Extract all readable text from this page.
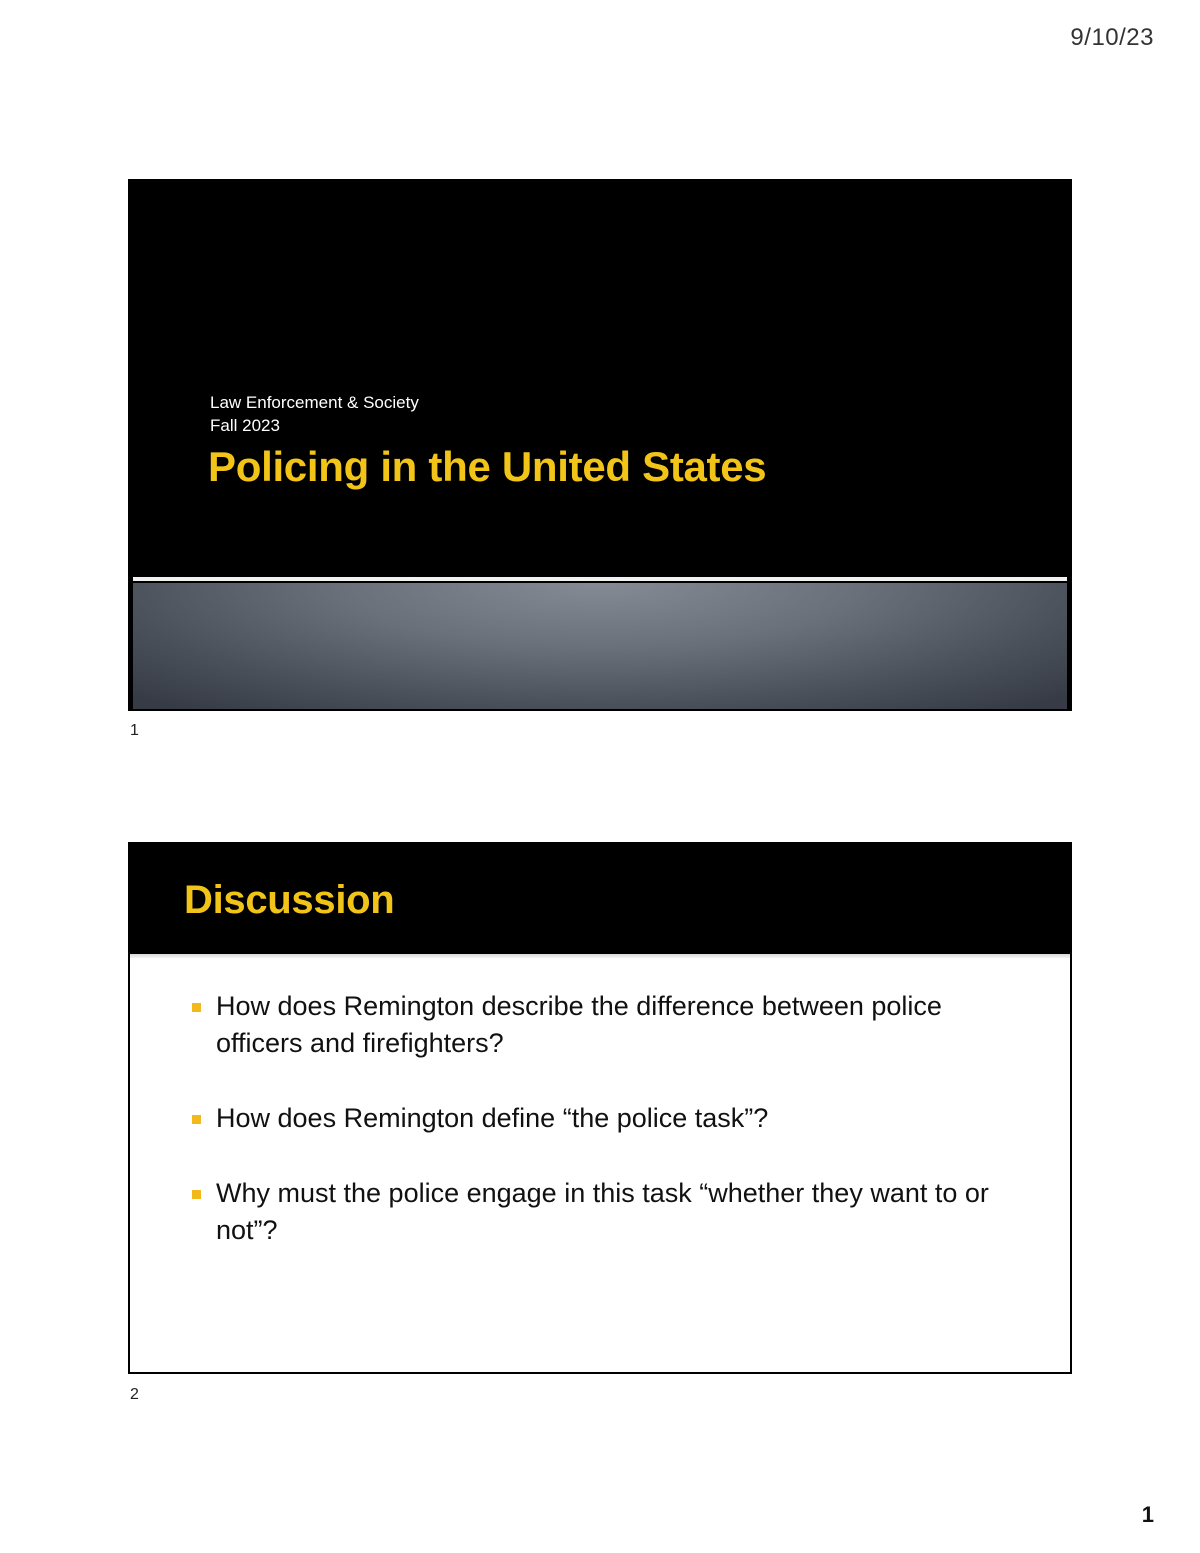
9/10/23
Law Enforcement & Society
Fall 2023
Policing in the United States
1
Discussion
How does Remington describe the difference between police officers and firefighters?
How does Remington define “the police task”?
Why must the police engage in this task “whether they want to or not”?
2
1
